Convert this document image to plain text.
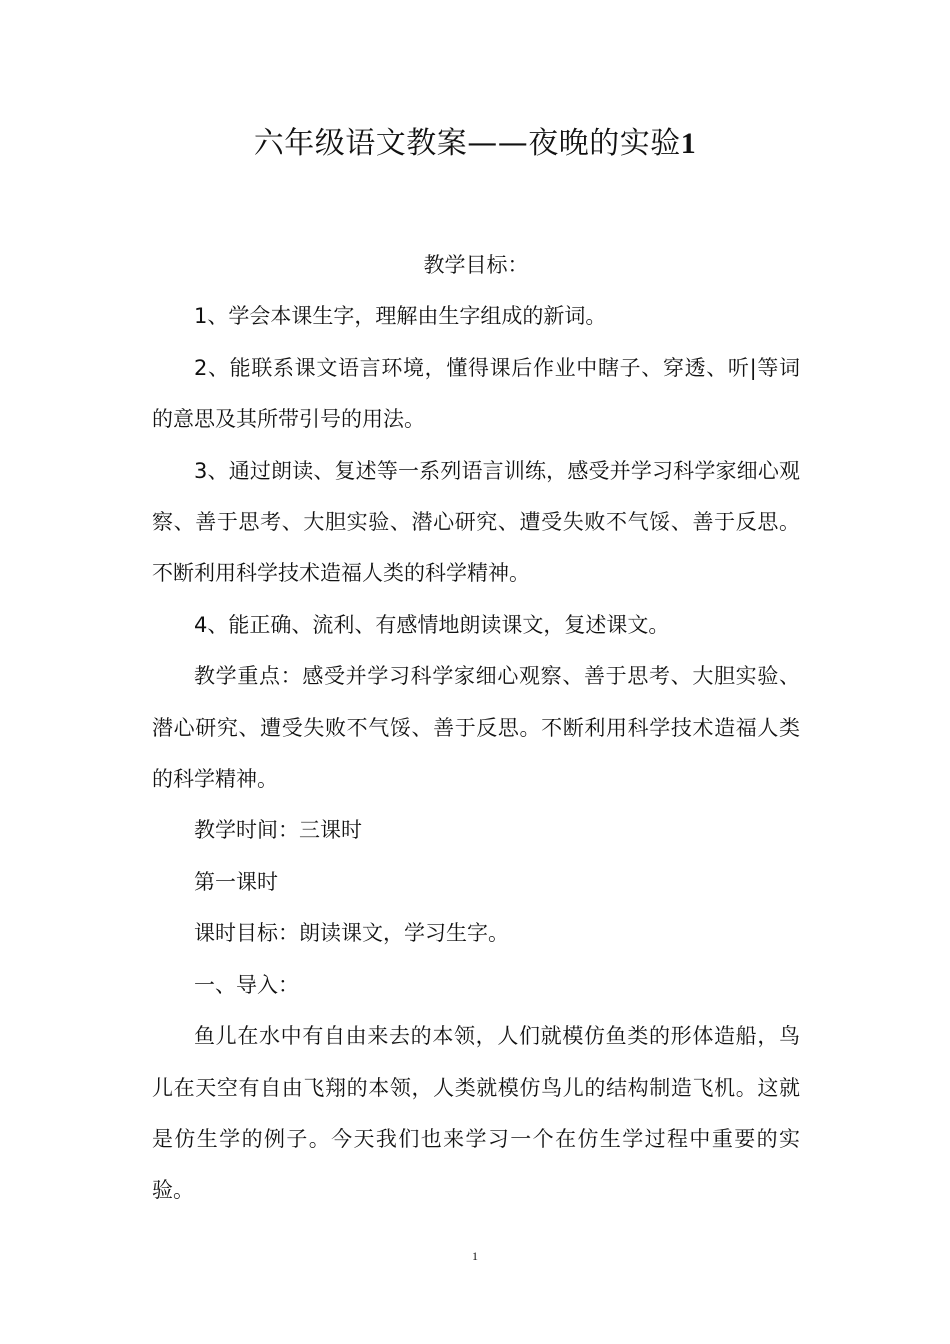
六年级语文教案——夜晚的实验1

教学目标：

1、学会本课生字，理解由生字组成的新词。

2、能联系课文语言环境，懂得课后作业中瞎子、穿透、听|等词的意思及其所带引号的用法。

3、通过朗读、复述等一系列语言训练，感受并学习科学家细心观察、善于思考、大胆实验、潜心研究、遭受失败不气馁、善于反思。不断利用科学技术造福人类的科学精神。

4、能正确、流利、有感情地朗读课文，复述课文。

教学重点：感受并学习科学家细心观察、善于思考、大胆实验、潜心研究、遭受失败不气馁、善于反思。不断利用科学技术造福人类的科学精神。

教学时间：三课时

第一课时

课时目标：朗读课文，学习生字。

一、导入：

鱼儿在水中有自由来去的本领，人们就模仿鱼类的形体造船，鸟儿在天空有自由飞翔的本领，人类就模仿鸟儿的结构制造飞机。这就是仿生学的例子。今天我们也来学习一个在仿生学过程中重要的实验。

1
